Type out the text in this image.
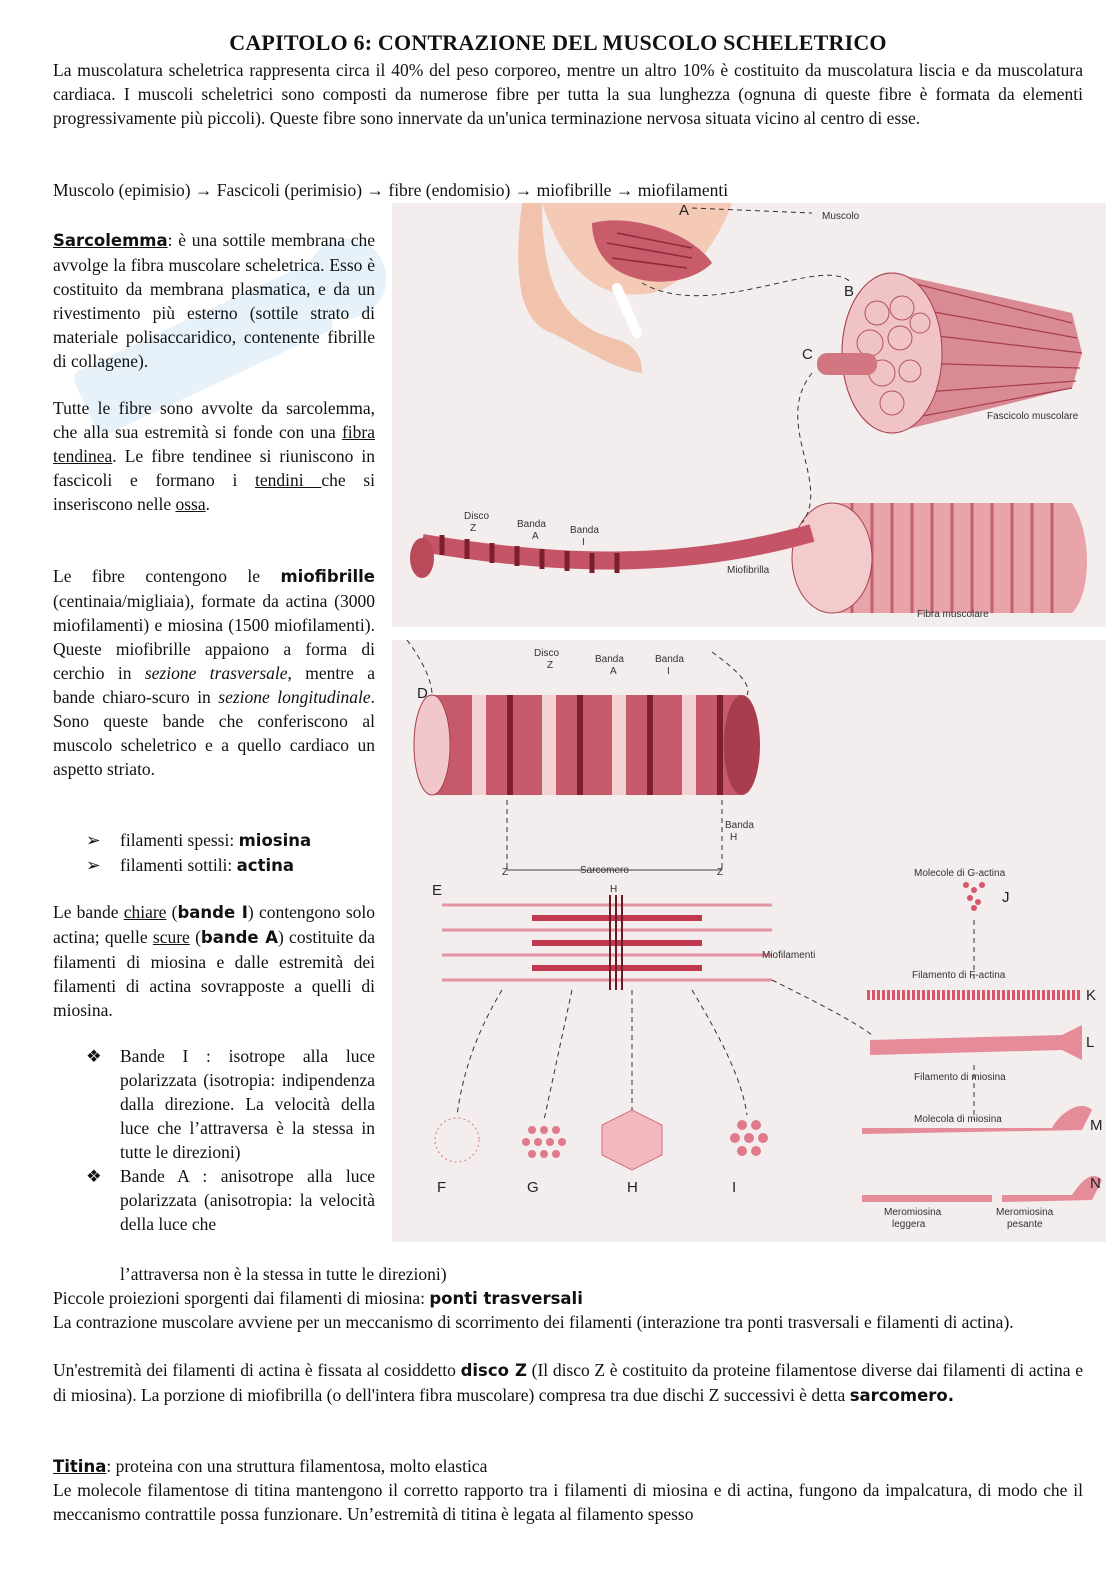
CAPITOLO 6: CONTRAZIONE DEL MUSCOLO SCHELETRICO
La muscolatura scheletrica rappresenta circa il 40% del peso corporeo, mentre un altro 10% è costituito da muscolatura liscia e da muscolatura cardiaca. I muscoli scheletrici sono composti da numerose fibre per tutta la sua lunghezza (ognuna di queste fibre è formata da elementi progressivamente più piccoli). Queste fibre sono innervate da un'unica terminazione nervosa situata vicino al centro di esse.
Muscolo (epimisio) → Fascicoli (perimisio) → fibre (endomisio) → miofibrille → miofilamenti
Sarcolemma: è una sottile membrana che avvolge la fibra muscolare scheletrica. Esso è costituito da membrana plasmatica, e da un rivestimento più esterno (sottile strato di materiale polisaccaridico, contenente fibrille di collagene).
Tutte le fibre sono avvolte da sarcolemma, che alla sua estremità si fonde con una fibra tendinea. Le fibre tendinee si riuniscono in fascicoli e formano i tendini che si inseriscono nelle ossa.
Le fibre contengono le miofibrille (centinaia/migliaia), formate da actina (3000 miofilamenti) e miosina (1500 miofilamenti). Queste miofibrille appaiono a forma di cerchio in sezione trasversale, mentre a bande chiaro-scuro in sezione longitudinale. Sono queste bande che conferiscono al muscolo scheletrico e a quello cardiaco un aspetto striato.
➢ filamenti spessi: miosina
➢ filamenti sottili: actina
Le bande chiare (bande I) contengono solo actina; quelle scure (bande A) costituite da filamenti di miosina e dalle estremità dei filamenti di actina sovrapposte a quelli di miosina.
❖ Bande I : isotrope alla luce polarizzata (isotropia: indipendenza dalla direzione. La velocità della luce che l’attraversa è la stessa in tutte le direzioni)
❖ Bande A : anisotrope alla luce polarizzata (anisotropia: la velocità della luce che
l’attraversa non è la stessa in tutte le direzioni)
Piccole proiezioni sporgenti dai filamenti di miosina: ponti trasversali
La contrazione muscolare avviene per un meccanismo di scorrimento dei filamenti (interazione tra ponti trasversali e filamenti di actina).
Un'estremità dei filamenti di actina è fissata al cosiddetto disco Z (Il disco Z è costituito da proteine filamentose diverse dai filamenti di actina e di miosina). La porzione di miofibrilla (o dell'intera fibra muscolare) compresa tra due dischi Z successivi è detta sarcomero.
Titina: proteina con una struttura filamentosa, molto elastica
Le molecole filamentose di titina mantengono il corretto rapporto tra i filamenti di miosina e di actina, fungono da impalcatura, di modo che il meccanismo contrattile possa funzionare. Un’estremità di titina è legata al filamento spesso
A
B
C
Muscolo
Fascicolo muscolare
Disco
Z	Banda
A
Banda
I
Miofibrilla
Fibra muscolare
D
E
F	G	H	I
J
K
L
M
N
Disco
Z
Banda
A
Banda
I
Banda
H
Z	Z
Sarcomero
H
Miofilamenti
Molecole di G-actina
Filamento di F-actina
Filamento di miosina
Molecola di miosina
Meromiosina
leggera
Meromiosina
pesante
